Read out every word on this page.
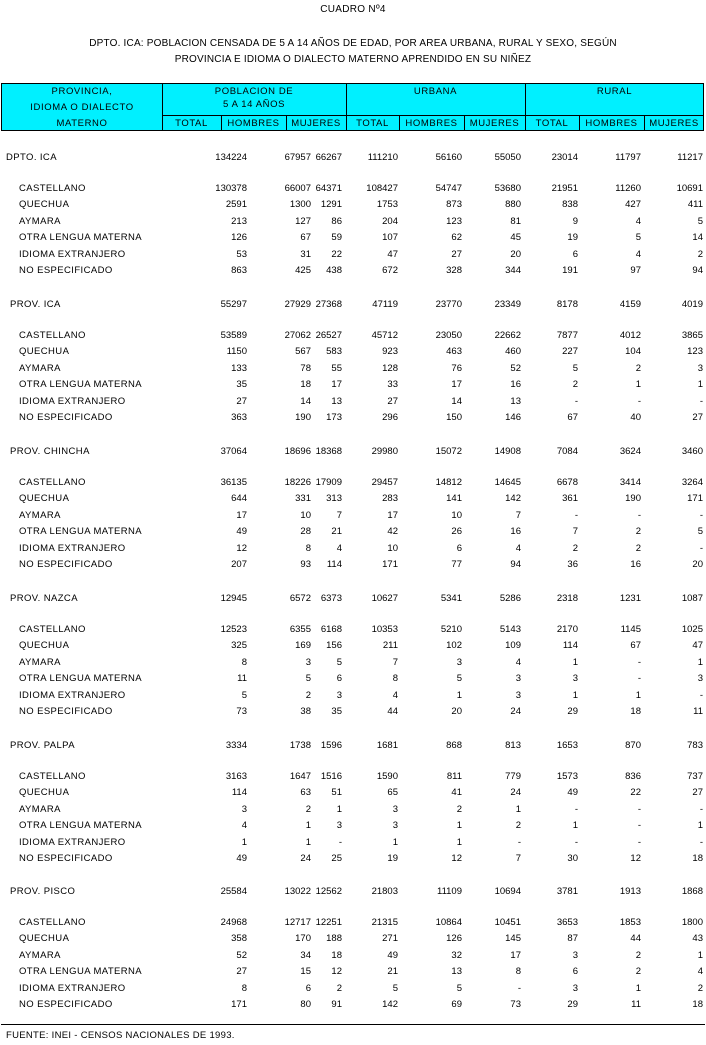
CUADRO Nº4
DPTO. ICA: POBLACION CENSADA DE 5 A 14 AÑOS DE EDAD, POR AREA URBANA, RURAL Y SEXO, SEGÚN
PROVINCIA E IDIOMA O DIALECTO MATERNO APRENDIDO EN SU NIÑEZ
PROVINCIA,
IDIOMA O DIALECTO
MATERNO
POBLACION DE
5 A 14 AÑOS
URBANA	RURAL
TOTAL	HOMBRES	MUJERES	TOTAL	HOMBRES	MUJERES	TOTAL	HOMBRES	MUJERES
DPTO. ICA	134224	67957 66267	111210	56160	55050	23014	11797	11217
CASTELLANO	130378	66007 64371	108427	54747	53680	21951	11260	10691
QUECHUA	2591	1300	1291	1753	873	880	838	427	411
AYMARA	213	127	86	204	123	81	9	4	5
OTRA LENGUA MATERNA	126	67	59	107	62	45	19	5	14
IDIOMA EXTRANJERO	53	31	22	47	27	20	6	4	2
NO ESPECIFICADO	863	425	438	672	328	344	191	97	94
PROV. ICA	55297	27929 27368	47119	23770	23349	8178	4159	4019
CASTELLANO	53589	27062 26527	45712	23050	22662	7877	4012	3865
QUECHUA	1150	567	583	923	463	460	227	104	123
AYMARA	133	78	55	128	76	52	5	2	3
OTRA LENGUA MATERNA	35	18	17	33	17	16	2	1	1
IDIOMA EXTRANJERO	27	14	13	27	14	13	-	-	-
NO ESPECIFICADO	363	190	173	296	150	146	67	40	27
PROV. CHINCHA	37064	18696 18368	29980	15072	14908	7084	3624	3460
CASTELLANO	36135	18226 17909	29457	14812	14645	6678	3414	3264
QUECHUA	644	331	313	283	141	142	361	190	171
AYMARA	17	10	7	17	10	7	-	-	-
OTRA LENGUA MATERNA	49	28	21	42	26	16	7	2	5
IDIOMA EXTRANJERO	12	8	4	10	6	4	2	2	-
NO ESPECIFICADO	207	93	114	171	77	94	36	16	20
PROV. NAZCA	12945	6572	6373	10627	5341	5286	2318	1231	1087
CASTELLANO	12523	6355	6168	10353	5210	5143	2170	1145	1025
QUECHUA	325	169	156	211	102	109	114	67	47
AYMARA	8	3	5	7	3	4	1	-	1
OTRA LENGUA MATERNA	11	5	6	8	5	3	3	-	3
IDIOMA EXTRANJERO	5	2	3	4	1	3	1	1	-
NO ESPECIFICADO	73	38	35	44	20	24	29	18	11
PROV. PALPA	3334	1738	1596	1681	868	813	1653	870	783
CASTELLANO	3163	1647	1516	1590	811	779	1573	836	737
QUECHUA	114	63	51	65	41	24	49	22	27
AYMARA	3	2	1	3	2	1	-	-	-
OTRA LENGUA MATERNA	4	1	3	3	1	2	1	-	1
IDIOMA EXTRANJERO	1	1	-	1	1	-	-	-	-
NO ESPECIFICADO	49	24	25	19	12	7	30	12	18
PROV. PISCO	25584	13022 12562	21803	11109	10694	3781	1913	1868
CASTELLANO	24968	12717 12251	21315	10864	10451	3653	1853	1800
QUECHUA	358	170	188	271	126	145	87	44	43
AYMARA	52	34	18	49	32	17	3	2	1
OTRA LENGUA MATERNA	27	15	12	21	13	8	6	2	4
IDIOMA EXTRANJERO	8	6	2	5	5	-	3	1	2
NO ESPECIFICADO	171	80	91	142	69	73	29	11	18
FUENTE: INEI - CENSOS NACIONALES DE 1993.
